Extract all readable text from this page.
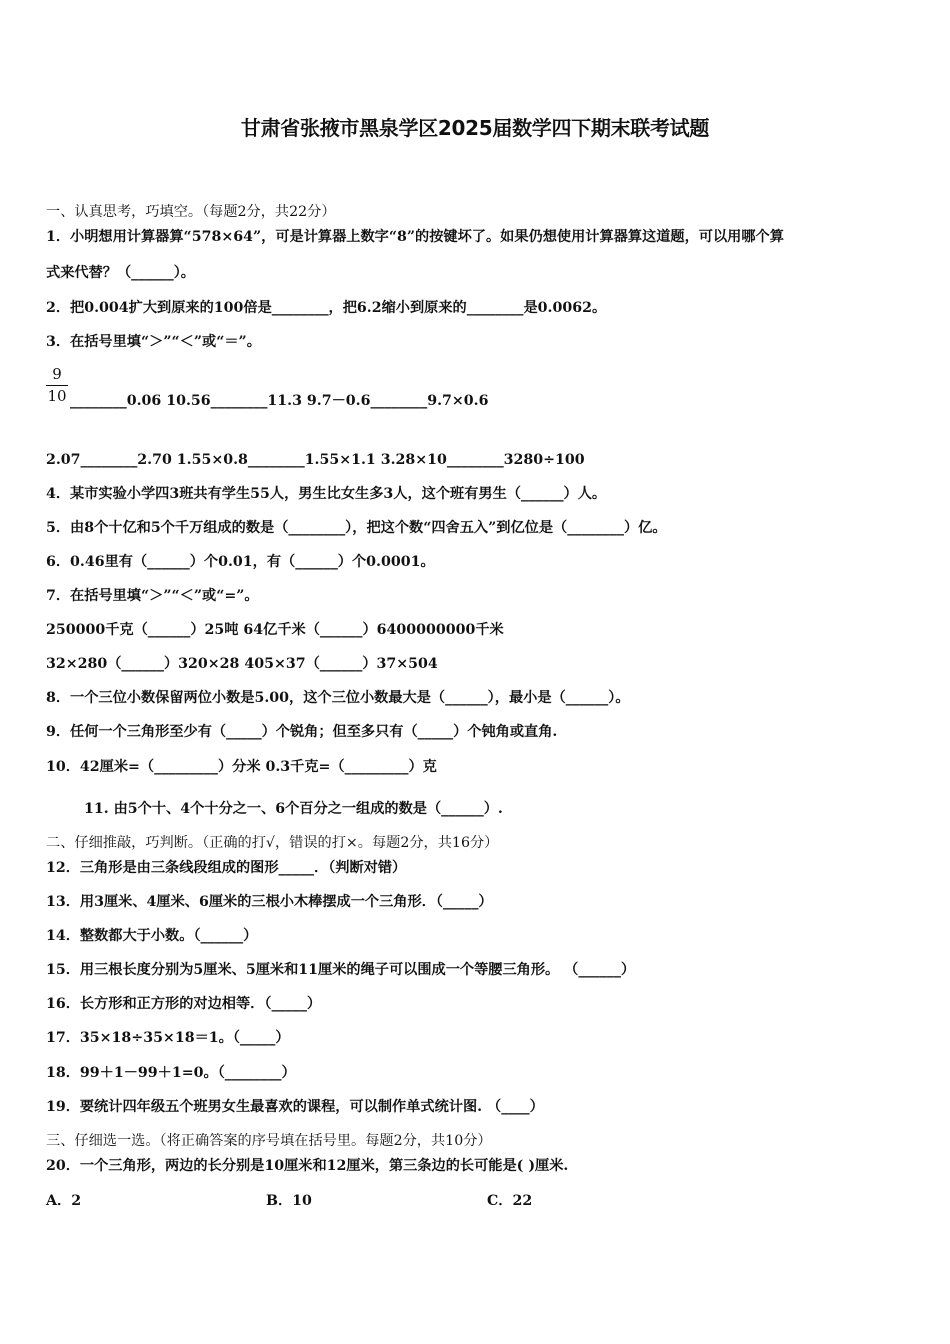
甘肃省张掖市黑泉学区2025届数学四下期末联考试题
一、认真思考，巧填空。（每题2分，共22分）
1．小明想用计算器算“578×64”，可是计算器上数字“8”的按键坏了。如果仍想使用计算器算这道题，可以用哪个算
式来代替？（______）。
2．把0.004扩大到原来的100倍是________，把6.2缩小到原来的________是0.0062。
3．在括号里填“＞”“＜”或“＝”。
9
10 ________0.06 10.56________11.3 9.7－0.6________9.7×0.6
2.07________2.70 1.55×0.8________1.55×1.1 3.28×10________3280÷100
4．某市实验小学四3班共有学生55人，男生比女生多3人，这个班有男生（______）人。
5．由8个十亿和5个千万组成的数是（________），把这个数“四舍五入”到亿位是（________）亿。
6．0.46里有（______）个0.01，有（______）个0.0001。
7．在括号里填“＞”“＜”或“=”。
250000千克（______）25吨 64亿千米（______）6400000000千米
32×280（______）320×28 405×37（______）37×504
8．一个三位小数保留两位小数是5.00，这个三位小数最大是（______），最小是（______）。
9．任何一个三角形至少有（_____）个锐角；但至多只有（_____）个钝角或直角.
10．42厘米=（_________）分米 0.3千克=（_________）克
11. 由5个十、4个十分之一、6个百分之一组成的数是（______）.
二、仔细推敲，巧判断。（正确的打√，错误的打×。每题2分，共16分）
12．三角形是由三条线段组成的图形_____．（判断对错）
13．用3厘米、4厘米、6厘米的三根小木棒摆成一个三角形．（_____）
14．整数都大于小数。（______）
15．用三根长度分别为5厘米、5厘米和11厘米的绳子可以围成一个等腰三角形。 （______）
16．长方形和正方形的对边相等．（_____）
17．35×18÷35×18＝1。（_____）
18．99＋1－99＋1=0。（________）
19．要统计四年级五个班男女生最喜欢的课程，可以制作单式统计图. （____）
三、仔细选一选。（将正确答案的序号填在括号里。每题2分，共10分）
20．一个三角形，两边的长分别是10厘米和12厘米，第三条边的长可能是( )厘米.
A．2	B．10	C．22
